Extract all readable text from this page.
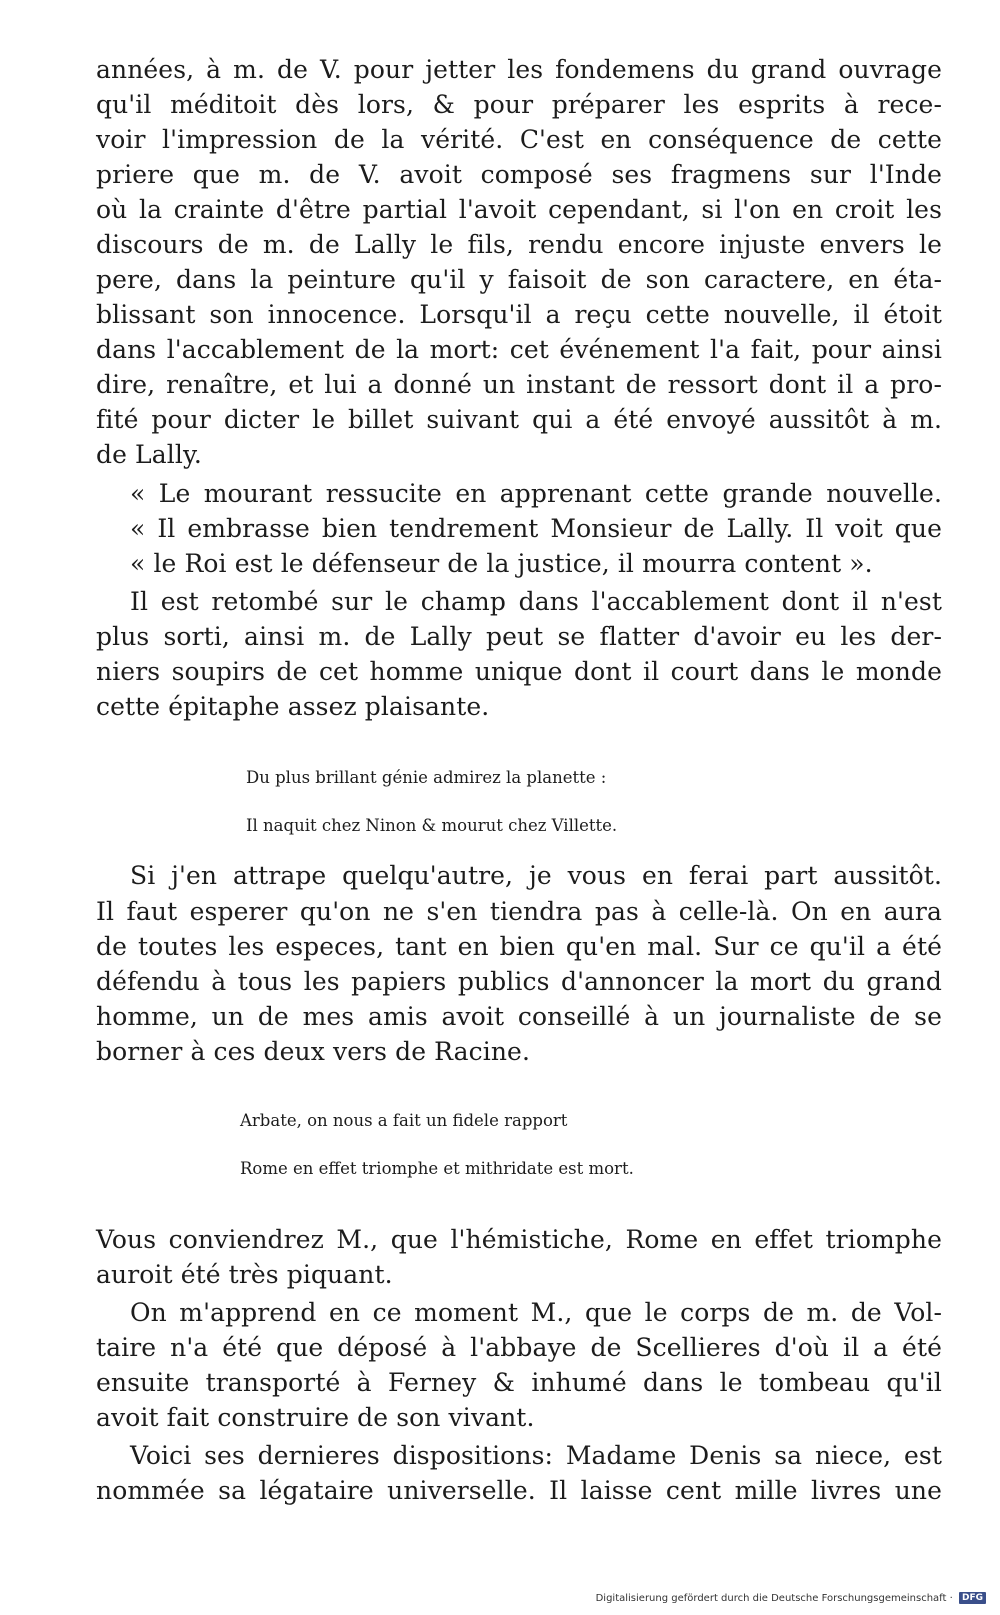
années, à m. de V. pour jetter les fondemens du grand ouvrage
qu'il méditoit dès lors, & pour préparer les esprits à rece-
voir l'impression de la vérité. C'est en conséquence de cette
priere que m. de V. avoit composé ses fragmens sur l'Inde
où la crainte d'être partial l'avoit cependant, si l'on en croit les
discours de m. de Lally le fils, rendu encore injuste envers le
pere, dans la peinture qu'il y faisoit de son caractere, en éta-
blissant son innocence. Lorsqu'il a reçu cette nouvelle, il étoit
dans l'accablement de la mort: cet événement l'a fait, pour ainsi
dire, renaître, et lui a donné un instant de ressort dont il a pro-
fité pour dicter le billet suivant qui a été envoyé aussitôt à m.
de Lally.
« Le mourant ressucite en apprenant cette grande nouvelle.
« Il embrasse bien tendrement Monsieur de Lally. Il voit que
« le Roi est le défenseur de la justice, il mourra content ».
Il est retombé sur le champ dans l'accablement dont il n'est
plus sorti, ainsi m. de Lally peut se flatter d'avoir eu les der-
niers soupirs de cet homme unique dont il court dans le monde
cette épitaphe assez plaisante.
Du plus brillant génie admirez la planette :
Il naquit chez Ninon & mourut chez Villette.
Si j'en attrape quelqu'autre, je vous en ferai part aussitôt.
Il faut esperer qu'on ne s'en tiendra pas à celle-là. On en aura
de toutes les especes, tant en bien qu'en mal. Sur ce qu'il a été
défendu à tous les papiers publics d'annoncer la mort du grand
homme, un de mes amis avoit conseillé à un journaliste de se
borner à ces deux vers de Racine.
Arbate, on nous a fait un fidele rapport
Rome en effet triomphe et mithridate est mort.
Vous conviendrez M., que l'hémistiche, Rome en effet triomphe
auroit été très piquant.
On m'apprend en ce moment M., que le corps de m. de Vol-
taire n'a été que déposé à l'abbaye de Scellieres d'où il a été
ensuite transporté à Ferney & inhumé dans le tombeau qu'il
avoit fait construire de son vivant.
Voici ses dernieres dispositions: Madame Denis sa niece, est
nommée sa légataire universelle. Il laisse cent mille livres une
Digitalisierung gefördert durch die Deutsche Forschungsgemeinschaft · DFG
